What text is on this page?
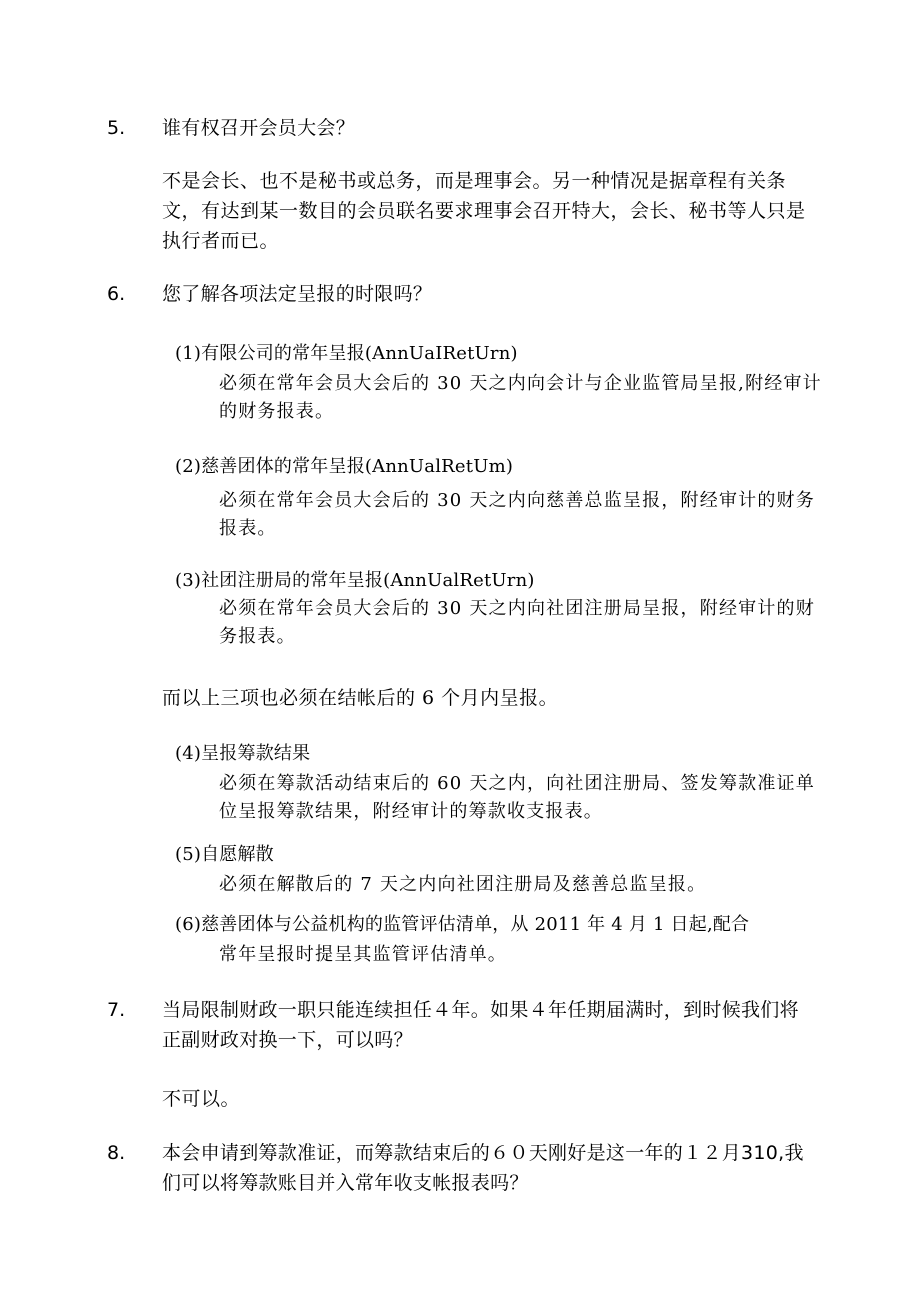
5. 谁有权召开会员大会？
不是会长、也不是秘书或总务，而是理事会。另一种情况是据章程有关条文，有达到某一数目的会员联名要求理事会召开特大，会长、秘书等人只是执行者而已。
6. 您了解各项法定呈报的时限吗？
(1)有限公司的常年呈报(AnnUaIRetUrn)
必须在常年会员大会后的 30 天之内向会计与企业监管局呈报,附经审计的财务报表。
(2)慈善团体的常年呈报(AnnUalRetUm)
必须在常年会员大会后的 30 天之内向慈善总监呈报，附经审计的财务报表。
(3)社团注册局的常年呈报(AnnUalRetUrn)
必须在常年会员大会后的 30 天之内向社团注册局呈报，附经审计的财务报表。
而以上三项也必须在结帐后的 6 个月内呈报。
(4)呈报筹款结果
必须在筹款活动结束后的 60 天之内，向社团注册局、签发筹款准证单位呈报筹款结果，附经审计的筹款收支报表。
(5)自愿解散
必须在解散后的 7 天之内向社团注册局及慈善总监呈报。
(6)慈善团体与公益机构的监管评估清单，从 2011 年 4 月 1 日起,配合
常年呈报时提呈其监管评估清单。
7. 当局限制财政一职只能连续担任４年。如果４年任期届满时，到时候我们将正副财政对换一下，可以吗？
不可以。
8. 本会申请到筹款准证，而筹款结束后的６０天刚好是这一年的１２月310,我们可以将筹款账目并入常年收支帐报表吗？
